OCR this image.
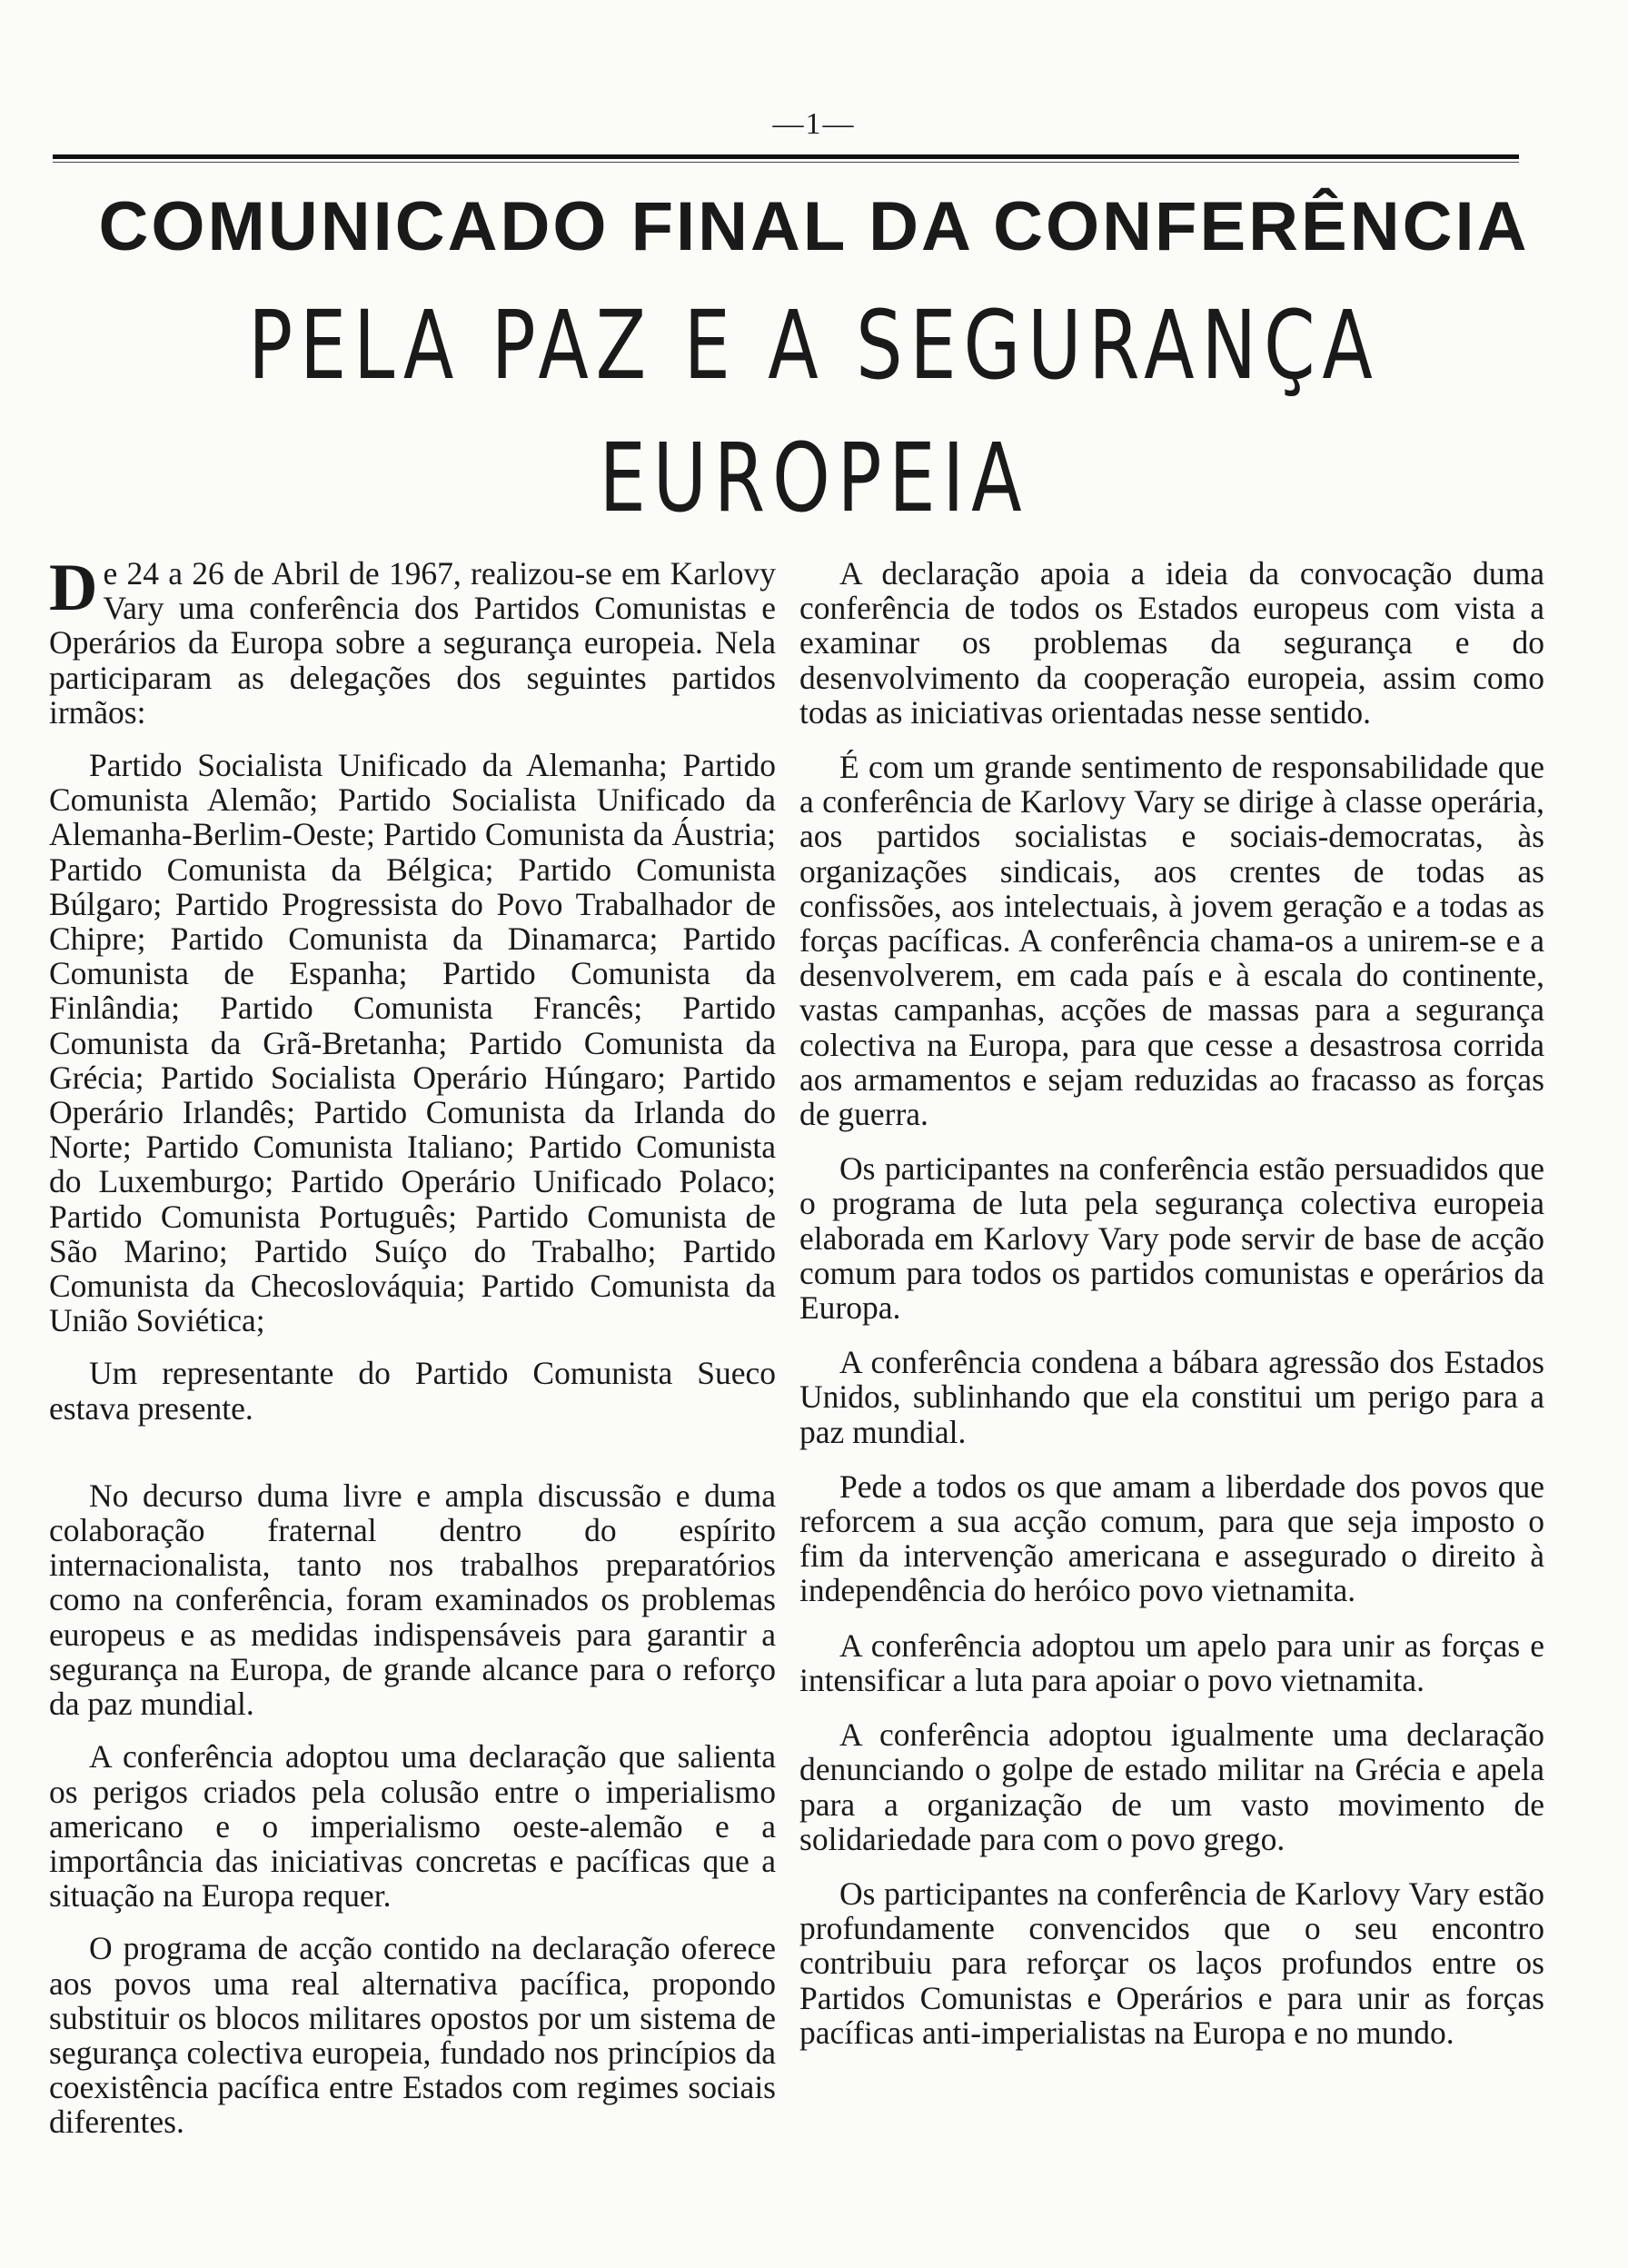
—1—
COMUNICADO FINAL DA CONFERÊNCIA
PELA PAZ E A SEGURANÇA
EUROPEIA

De 24 a 26 de Abril de 1967, realizou-se em Karlovy Vary uma conferência dos Partidos Comunistas e Operários da Europa sobre a segurança europeia. Nela participaram as delegações dos seguintes partidos irmãos:

Partido Socialista Unificado da Alemanha; Partido Comunista Alemão; Partido Socialista Unificado da Alemanha-Berlim-Oeste; Partido Comunista da Áustria; Partido Comunista da Bélgica; Partido Comunista Búlgaro; Partido Progressista do Povo Trabalhador de Chipre; Partido Comunista da Dinamarca; Partido Comunista de Espanha; Partido Comunista da Finlândia; Partido Comunista Francês; Partido Comunista da Grã-Bretanha; Partido Comunista da Grécia; Partido Socialista Operário Húngaro; Partido Operário Irlandês; Partido Comunista da Irlanda do Norte; Partido Comunista Italiano; Partido Comunista do Luxemburgo; Partido Operário Unificado Polaco; Partido Comunista Português; Partido Comunista de São Marino; Partido Suíço do Trabalho; Partido Comunista da Checoslováquia; Partido Comunista da União Soviética;

Um representante do Partido Comunista Sueco estava presente.

No decurso duma livre e ampla discussão e duma colaboração fraternal dentro do espírito internacionalista, tanto nos trabalhos preparatórios como na conferência, foram examinados os problemas europeus e as medidas indispensáveis para garantir a segurança na Europa, de grande alcance para o reforço da paz mundial.

A conferência adoptou uma declaração que salienta os perigos criados pela colusão entre o imperialismo americano e o imperialismo oeste-alemão e a importância das iniciativas concretas e pacíficas que a situação na Europa requer.

O programa de acção contido na declaração oferece aos povos uma real alternativa pacífica, propondo substituir os blocos militares opostos por um sistema de segurança colectiva europeia, fundado nos princípios da coexistência pacífica entre Estados com regimes sociais diferentes.

A declaração apoia a ideia da convocação duma conferência de todos os Estados europeus com vista a examinar os problemas da segurança e do desenvolvimento da cooperação europeia, assim como todas as iniciativas orientadas nesse sentido.

É com um grande sentimento de responsabilidade que a conferência de Karlovy Vary se dirige à classe operária, aos partidos socialistas e sociais-democratas, às organizações sindicais, aos crentes de todas as confissões, aos intelectuais, à jovem geração e a todas as forças pacíficas. A conferência chama-os a unirem-se e a desenvolverem, em cada país e à escala do continente, vastas campanhas, acções de massas para a segurança colectiva na Europa, para que cesse a desastrosa corrida aos armamentos e sejam reduzidas ao fracasso as forças de guerra.

Os participantes na conferência estão persuadidos que o programa de luta pela segurança colectiva europeia elaborada em Karlovy Vary pode servir de base de acção comum para todos os partidos comunistas e operários da Europa.

A conferência condena a bábara agressão dos Estados Unidos, sublinhando que ela constitui um perigo para a paz mundial.

Pede a todos os que amam a liberdade dos povos que reforcem a sua acção comum, para que seja imposto o fim da intervenção americana e assegurado o direito à independência do heróico povo vietnamita.

A conferência adoptou um apelo para unir as forças e intensificar a luta para apoiar o povo vietnamita.

A conferência adoptou igualmente uma declaração denunciando o golpe de estado militar na Grécia e apela para a organização de um vasto movimento de solidariedade para com o povo grego.

Os participantes na conferência de Karlovy Vary estão profundamente convencidos que o seu encontro contribuiu para reforçar os laços profundos entre os Partidos Comunistas e Operários e para unir as forças pacíficas anti-imperialistas na Europa e no mundo.
